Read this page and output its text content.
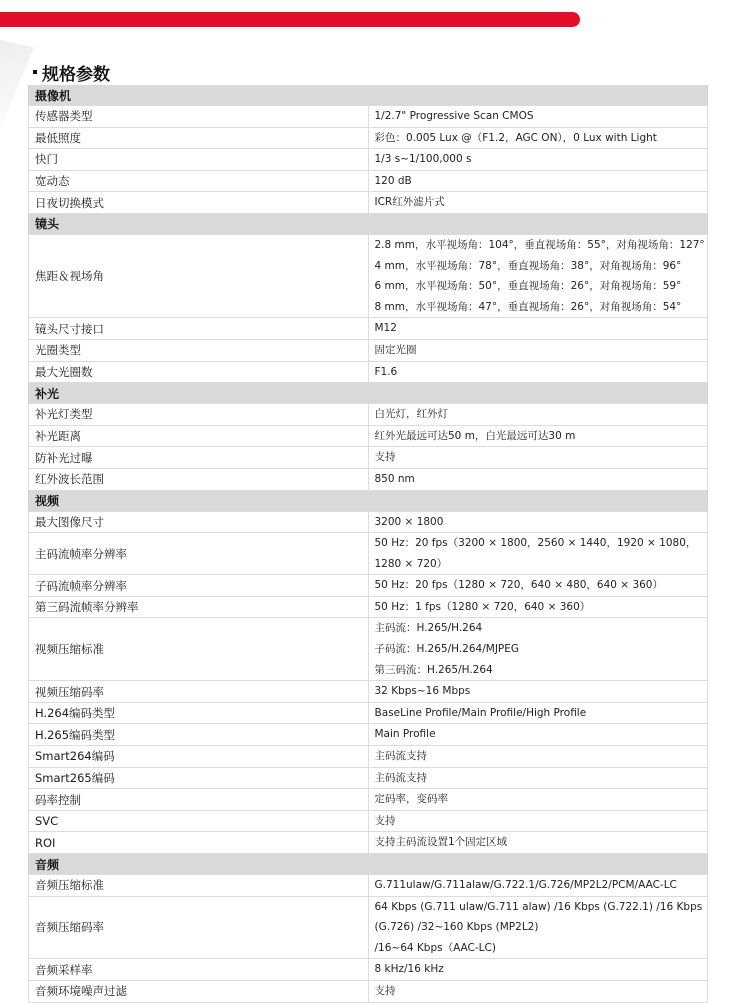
规格参数
摄像机	
传感器类型	1/2.7" Progressive Scan CMOS

最低照度	彩色：0.005 Lux @（F1.2，AGC ON），0 Lux with Light

快门	1/3 s~1/100,000 s

宽动态	120 dB

日夜切换模式	ICR红外滤片式

镜头	
焦距＆视场角	2.8 mm，水平视场角：104°，垂直视场角：55°，对角视场角：127°
4 mm，水平视场角：78°，垂直视场角：38°，对角视场角：96°
6 mm，水平视场角：50°，垂直视场角：26°，对角视场角：59°
8 mm，水平视场角：47°，垂直视场角：26°，对角视场角：54°

镜头尺寸接口	M12

光圈类型	固定光圈

最大光圈数	F1.6

补光	
补光灯类型	白光灯，红外灯

补光距离	红外光最远可达50 m，白光最远可达30 m

防补光过曝	支持

红外波长范围	850 nm

视频	
最大图像尺寸	3200 × 1800

主码流帧率分辨率	50 Hz：20 fps（3200 × 1800，2560 × 1440，1920 × 1080，1280 × 720）

子码流帧率分辨率	50 Hz：20 fps（1280 × 720，640 × 480，640 × 360）

第三码流帧率分辨率	50 Hz：1 fps（1280 × 720，640 × 360）

视频压缩标准	主码流：H.265/H.264
子码流：H.265/H.264/MJPEG
第三码流：H.265/H.264

视频压缩码率	32 Kbps~16 Mbps

H.264编码类型	BaseLine Profile/Main Profile/High Profile

H.265编码类型	Main Profile

Smart264编码	主码流支持

Smart265编码	主码流支持

码率控制	定码率，变码率

SVC	支持

ROI	支持主码流设置1个固定区域

音频	
音频压缩标准	G.711ulaw/G.711alaw/G.722.1/G.726/MP2L2/PCM/AAC-LC

音频压缩码率	64 Kbps (G.711 ulaw/G.711 alaw) /16 Kbps (G.722.1) /16 Kbps (G.726) /32~160 Kbps (MP2L2)
/16~64 Kbps（AAC-LC)

音频采样率	8 kHz/16 kHz

音频环境噪声过滤	支持
